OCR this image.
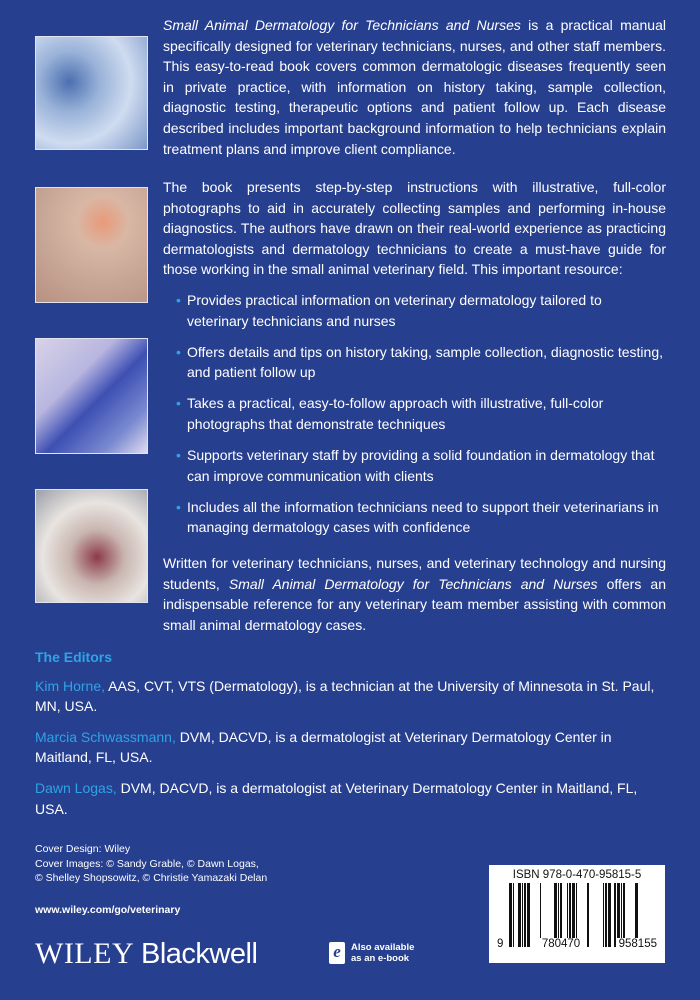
Small Animal Dermatology for Technicians and Nurses is a practical manual specifically designed for veterinary technicians, nurses, and other staff members. This easy-to-read book covers common dermatologic diseases frequently seen in private practice, with information on history taking, sample collection, diagnostic testing, therapeutic options and patient follow up. Each disease described includes important background information to help technicians explain treatment plans and improve client compliance.

The book presents step-by-step instructions with illustrative, full-color photographs to aid in accurately collecting samples and performing in-house diagnostics. The authors have drawn on their real-world experience as practicing dermatologists and dermatology technicians to create a must-have guide for those working in the small animal veterinary field. This important resource:

• Provides practical information on veterinary dermatology tailored to veterinary technicians and nurses
• Offers details and tips on history taking, sample collection, diagnostic testing, and patient follow up
• Takes a practical, easy-to-follow approach with illustrative, full-color photographs that demonstrate techniques
• Supports veterinary staff by providing a solid foundation in dermatology that can improve communication with clients
• Includes all the information technicians need to support their veterinarians in managing dermatology cases with confidence

Written for veterinary technicians, nurses, and veterinary technology and nursing students, Small Animal Dermatology for Technicians and Nurses offers an indispensable reference for any veterinary team member assisting with common small animal dermatology cases.

The Editors
Kim Horne, AAS, CVT, VTS (Dermatology), is a technician at the University of Minnesota in St. Paul, MN, USA.
Marcia Schwassmann, DVM, DACVD, is a dermatologist at Veterinary Dermatology Center in Maitland, FL, USA.
Dawn Logas, DVM, DACVD, is a dermatologist at Veterinary Dermatology Center in Maitland, FL, USA.
Cover Design: Wiley
Cover Images: © Sandy Grable, © Dawn Logas,
© Shelley Shopsowitz, © Christie Yamazaki Delan
www.wiley.com/go/veterinary
WILEY Blackwell	e	Also available
as an e-book
ISBN 978-0-470-95815-5
9	780470	958155
